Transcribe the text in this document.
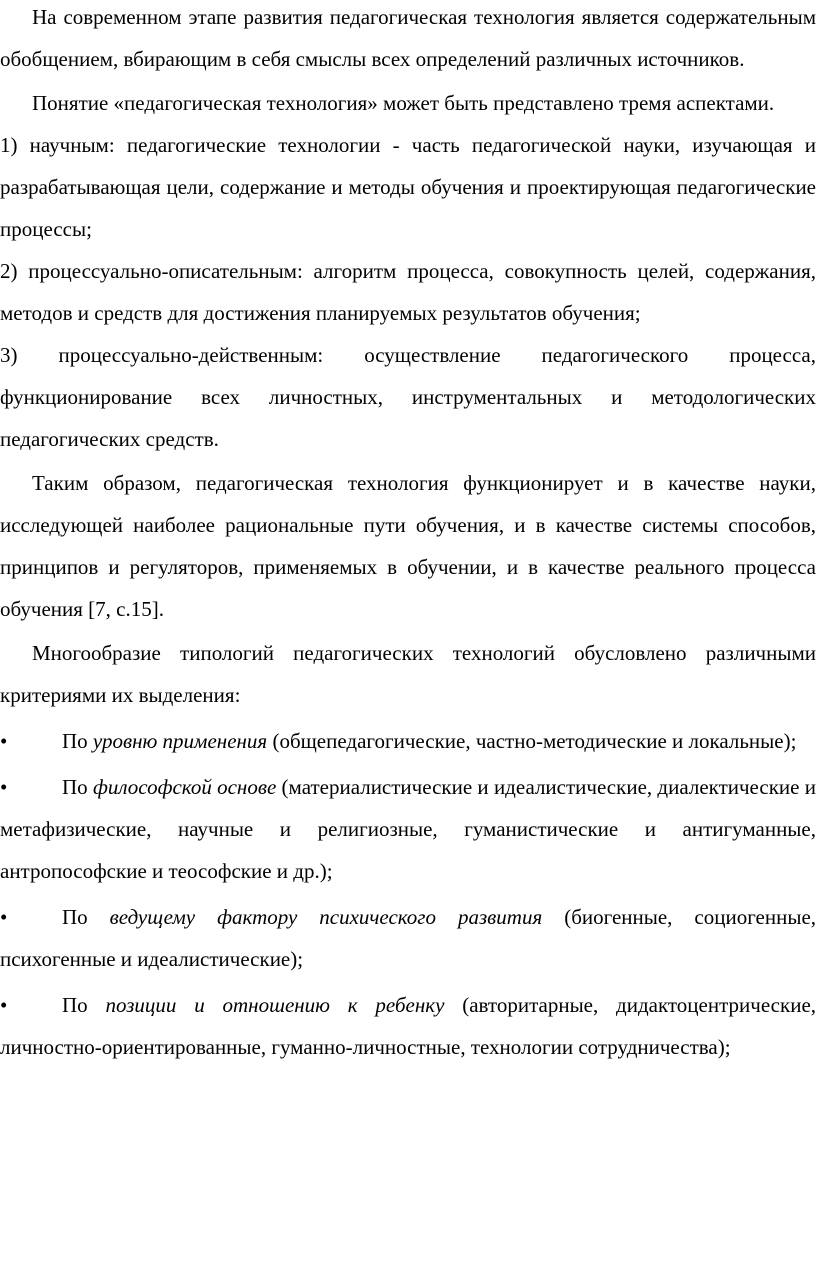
На современном этапе развития педагогическая технология является содержательным обобщением, вбирающим в себя смыслы всех определений различных источников.

Понятие «педагогическая технология» может быть представлено тремя аспектами.

1) научным: педагогические технологии - часть педагогической науки, изучающая и разрабатывающая цели, содержание и методы обучения и проектирующая педагогические процессы;

2) процессуально-описательным: алгоритм процесса, совокупность целей, содержания, методов и средств для достижения планируемых результатов обучения;

3) процессуально-действенным: осуществление педагогического процесса, функционирование всех личностных, инструментальных и методологических педагогических средств.

Таким образом, педагогическая технология функционирует и в качестве науки, исследующей наиболее рациональные пути обучения, и в качестве системы способов, принципов и регуляторов, применяемых в обучении, и в качестве реального процесса обучения [7, с.15].

Многообразие типологий педагогических технологий обусловлено различными критериями их выделения:

•	По уровню применения (общепедагогические, частно-методические и локальные);

•	По философской основе (материалистические и идеалистические, диалектические и метафизические, научные и религиозные, гуманистические и антигуманные, антропософские и теософские и др.);

•	По ведущему фактору психического развития (биогенные, социогенные, психогенные и идеалистические);

•	По позиции и отношению к ребенку (авторитарные, дидактоцентрические, личностно-ориентированные, гуманно-личностные, технологии сотрудничества);
